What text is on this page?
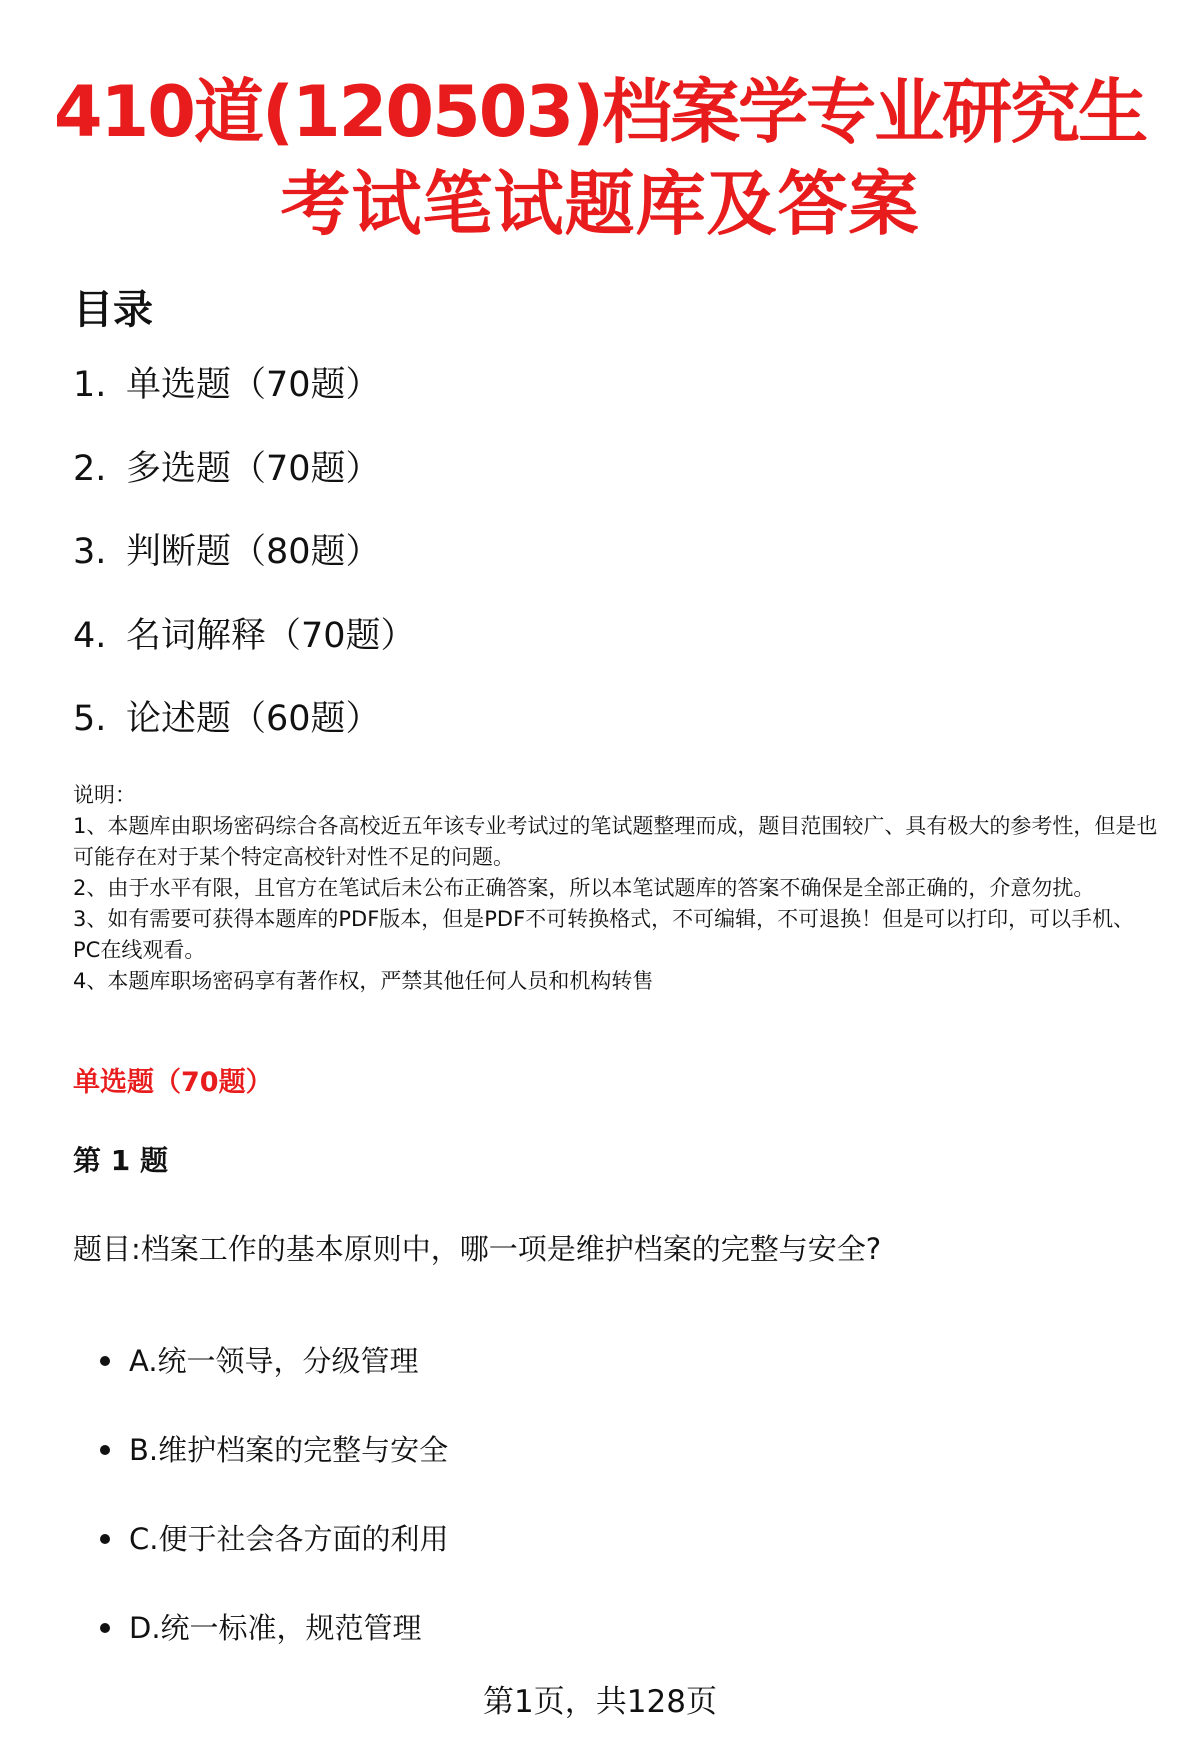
410道(120503)档案学专业研究生
考试笔试题库及答案
目录
1. 单选题（70题）
2. 多选题（70题）
3. 判断题（80题）
4. 名词解释（70题）
5. 论述题（60题）

说明：

1、本题库由职场密码综合各高校近五年该专业考试过的笔试题整理而成，题目范围较广、具有极大的参考性，但是也可能存在对于某个特定高校针对性不足的问题。

2、由于水平有限，且官方在笔试后未公布正确答案，所以本笔试题库的答案不确保是全部正确的，介意勿扰。

3、如有需要可获得本题库的PDF版本，但是PDF不可转换格式，不可编辑，不可退换！但是可以打印，可以手机、PC在线观看。

4、本题库职场密码享有著作权，严禁其他任何人员和机构转售

单选题（70题）
第 1 题

题目:档案工作的基本原则中，哪一项是维护档案的完整与安全?

A.统一领导，分级管理
B.维护档案的完整与安全
C.便于社会各方面的利用
D.统一标准，规范管理

第1页，共128页
